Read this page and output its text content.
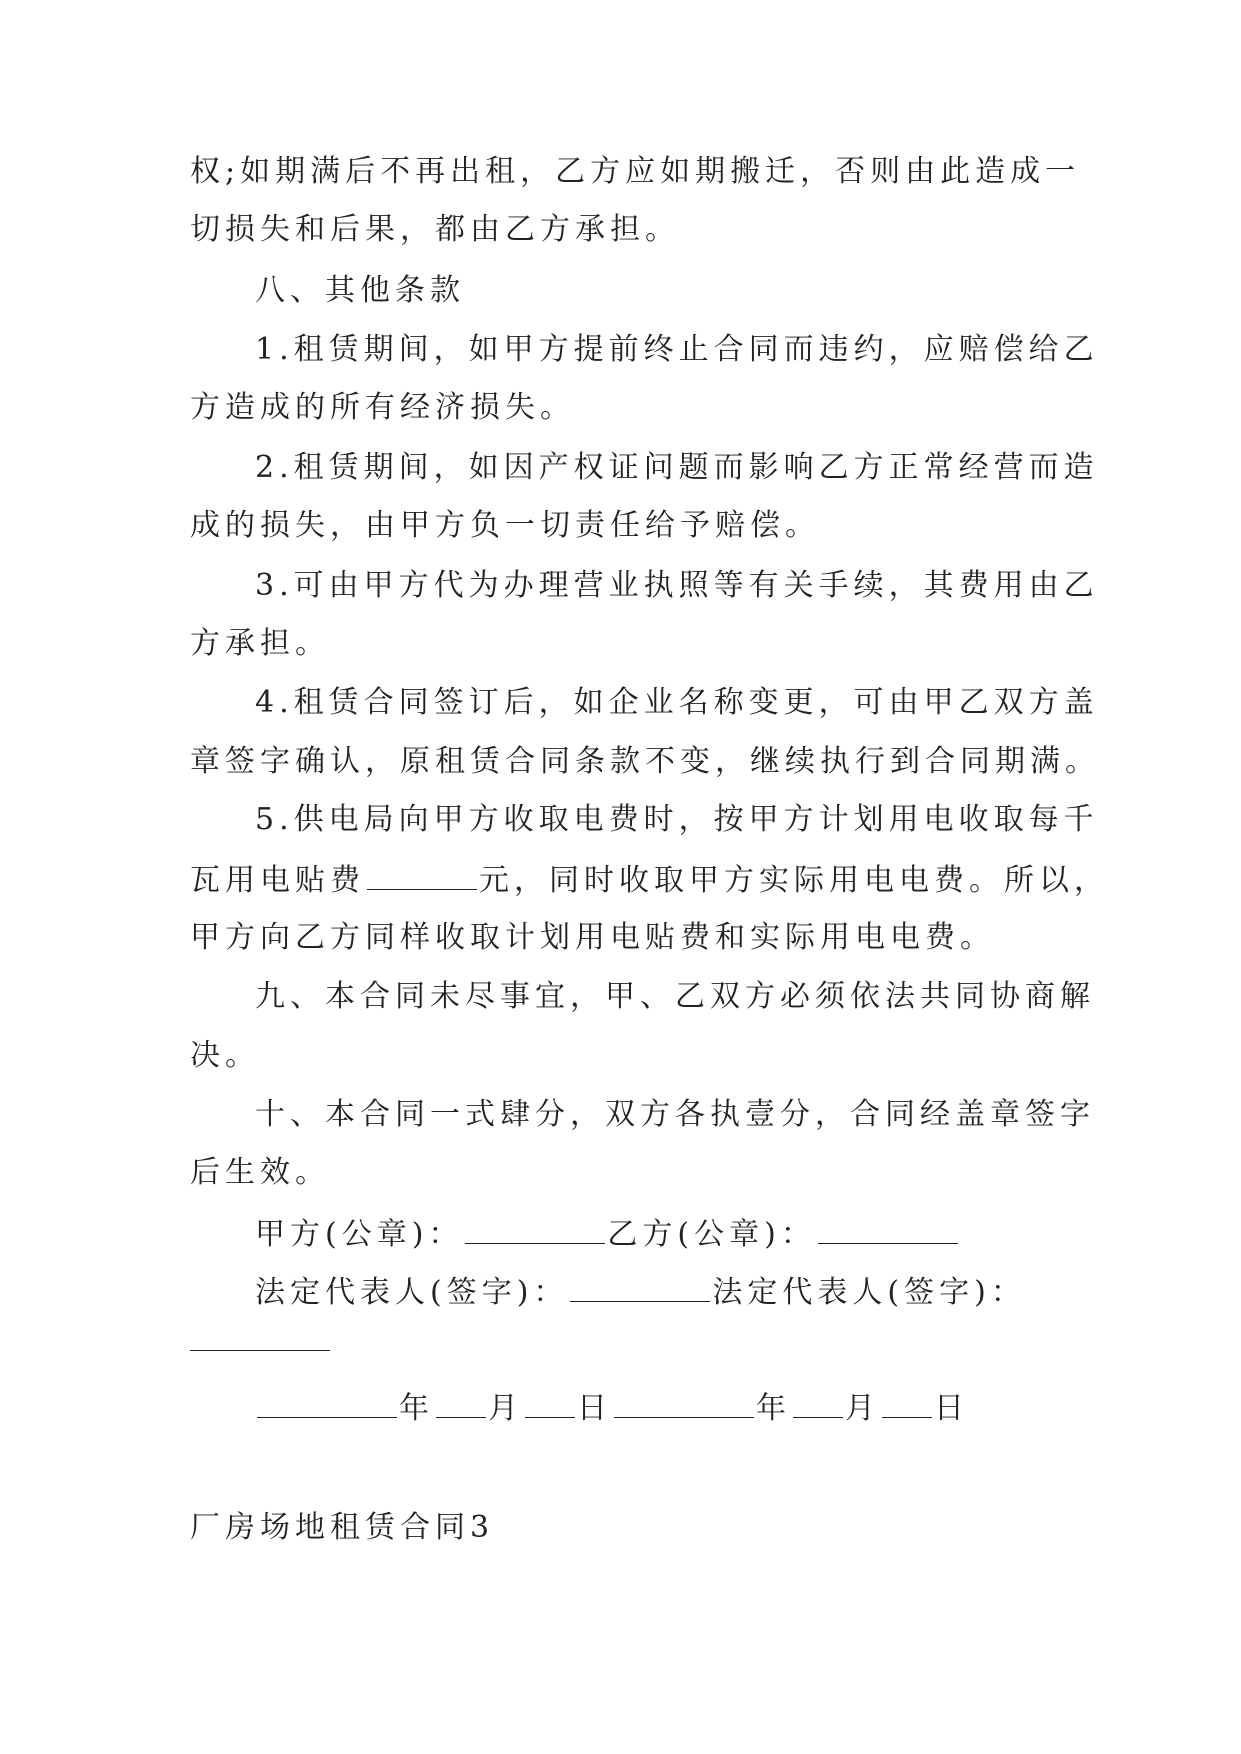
权;如期满后不再出租，乙方应如期搬迁，否则由此造成一
切损失和后果，都由乙方承担。
八、其他条款
1.租赁期间，如甲方提前终止合同而违约，应赔偿给乙
方造成的所有经济损失。
2.租赁期间，如因产权证问题而影响乙方正常经营而造
成的损失，由甲方负一切责任给予赔偿。
3.可由甲方代为办理营业执照等有关手续，其费用由乙
方承担。
4.租赁合同签订后，如企业名称变更，可由甲乙双方盖
章签字确认，原租赁合同条款不变，继续执行到合同期满。
5.供电局向甲方收取电费时，按甲方计划用电收取每千
瓦用电贴费	元，同时收取甲方实际用电电费。所以，
甲方向乙方同样收取计划用电贴费和实际用电电费。
九、本合同未尽事宜，甲、乙双方必须依法共同协商解
决。
十、本合同一式肆分，双方各执壹分，合同经盖章签字
后生效。
甲方(公章)：	乙方(公章)：
法定代表人(签字)：	法定代表人(签字)：
年 月 日	年 月 日
厂房场地租赁合同3
